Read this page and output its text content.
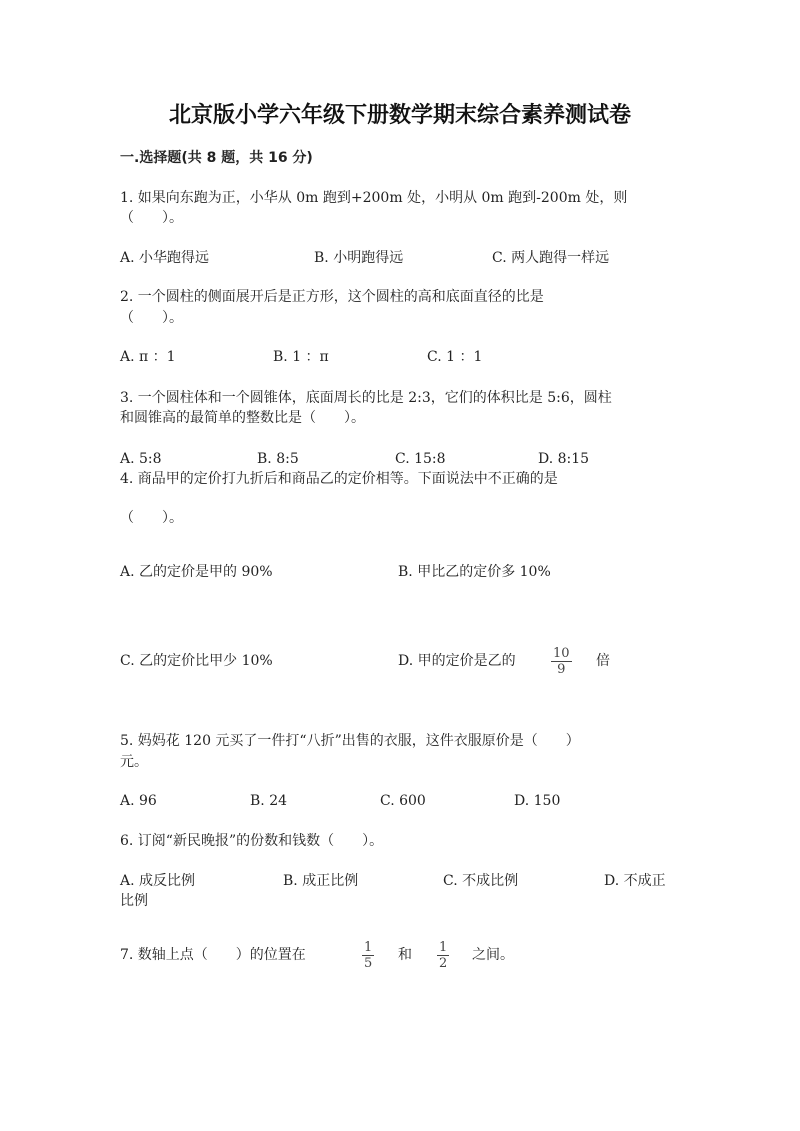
北京版小学六年级下册数学期末综合素养测试卷
一.选择题(共 8 题，共 16 分)
1. 如果向东跑为正，小华从 0m 跑到+200m 处，小明从 0m 跑到-200m 处，则
（　　）。
A. 小华跑得远	B. 小明跑得远	C. 两人跑得一样远
2. 一个圆柱的侧面展开后是正方形，这个圆柱的高和底面直径的比是
（　　）。
A. π ：1	B. 1 ：π	C. 1 ：1
3. 一个圆柱体和一个圆锥体，底面周长的比是 2:3，它们的体积比是 5:6，圆柱
和圆锥高的最简单的整数比是（　　）。
A. 5:8	B. 8:5	C. 15:8	D. 8:15
4. 商品甲的定价打九折后和商品乙的定价相等。下面说法中不正确的是
（　　）。
A. 乙的定价是甲的 90%	B. 甲比乙的定价多 10%
C. 乙的定价比甲少 10%	D. 甲的定价是乙的	$\frac{10}{9}$ 倍
5. 妈妈花 120 元买了一件打“八折”出售的衣服，这件衣服原价是（　　）
元。
A. 96	B. 24	C. 600	D. 150
6. 订阅“新民晚报”的份数和钱数（　　）。
A. 成反比例	B. 成正比例	C. 不成比例	D. 不成正
比例
7. 数轴上点（　　）的位置在	$\frac{1}{5}$ 和 $\frac{1}{2}$ 之间。
